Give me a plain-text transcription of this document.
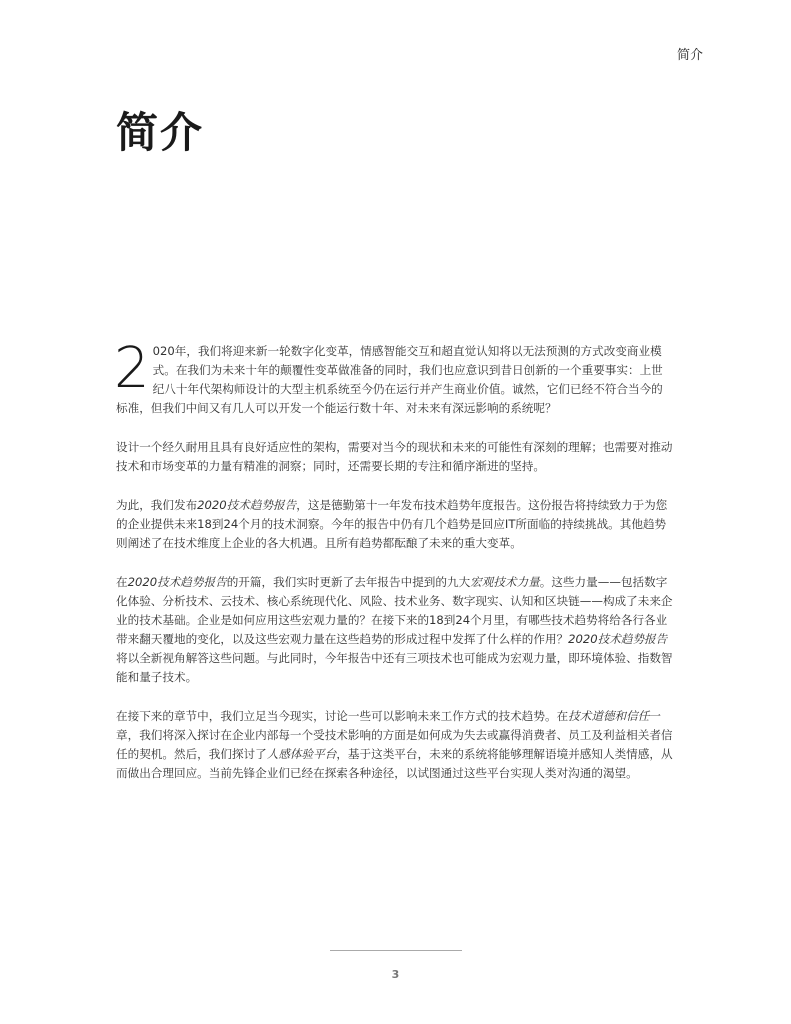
简介
简介

2 020年，我们将迎来新一轮数字化变革，情感智能交互和超直觉认知将以无法预测的方式改变商业模式。在我们为未来十年的颠覆性变革做准备的同时，我们也应意识到昔日创新的一个重要事实：上世纪八十年代架构师设计的大型主机系统至今仍在运行并产生商业价值。诚然，它们已经不符合当今的标准，但我们中间又有几人可以开发一个能运行数十年、对未来有深远影响的系统呢？

设计一个经久耐用且具有良好适应性的架构，需要对当今的现状和未来的可能性有深刻的理解；也需要对推动技术和市场变革的力量有精准的洞察；同时，还需要长期的专注和循序渐进的坚持。

为此，我们发布2020技术趋势报告，这是德勤第十一年发布技术趋势年度报告。这份报告将持续致力于为您的企业提供未来18到24个月的技术洞察。今年的报告中仍有几个趋势是回应IT所面临的持续挑战。其他趋势则阐述了在技术维度上企业的各大机遇。且所有趋势都酝酿了未来的重大变革。

在2020技术趋势报告的开篇，我们实时更新了去年报告中提到的九大宏观技术力量。这些力量——包括数字化体验、分析技术、云技术、核心系统现代化、风险、技术业务、数字现实、认知和区块链——构成了未来企业的技术基础。企业是如何应用这些宏观力量的？在接下来的18到24个月里，有哪些技术趋势将给各行各业带来翻天覆地的变化，以及这些宏观力量在这些趋势的形成过程中发挥了什么样的作用？2020技术趋势报告将以全新视角解答这些问题。与此同时，今年报告中还有三项技术也可能成为宏观力量，即环境体验、指数智能和量子技术。

在接下来的章节中，我们立足当今现实，讨论一些可以影响未来工作方式的技术趋势。在技术道德和信任一章，我们将深入探讨在企业内部每一个受技术影响的方面是如何成为失去或赢得消费者、员工及利益相关者信任的契机。然后，我们探讨了人感体验平台，基于这类平台，未来的系统将能够理解语境并感知人类情感，从而做出合理回应。当前先锋企业们已经在探索各种途径，以试图通过这些平台实现人类对沟通的渴望。

3
